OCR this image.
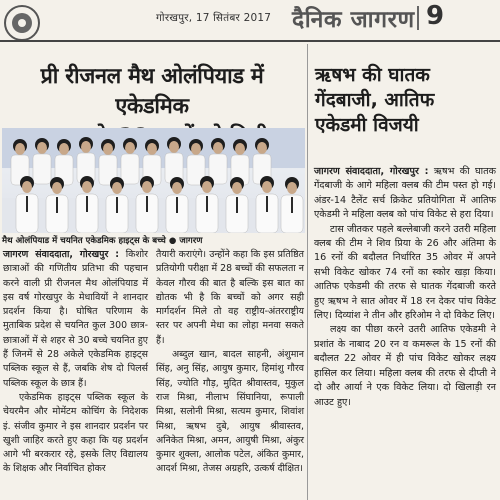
गोरखपुर, 17 सितंबर 2017 दैनिक जागरण 9
प्री रीजनल मैथ ओलंपियाड में एकेडमिक
मैथ ओलंपियाड में चयनित एकेडमिक हाइट्स के बच्चे ● जागरण

जागरण संवाददाता, गोरखपुर : किशोर छात्राओं की गणितीय प्रतिभा की पहचान करने वाली प्री रीजनल मैथ ओलंपियाड में इस वर्ष गोरखपुर के मेधावियों ने शानदार प्रदर्शन किया है। घोषित परिणाम के मुताबिक प्रदेश से चयनित कुल 300 छात्र-छात्राओं में से शहर से 30 बच्चे चयनित हुए हैं जिनमें से 28 अकेले एकेडमिक हाइट्स पब्लिक स्कूल से हैं, जबकि शेष दो पिलर्स पब्लिक स्कूल के छात्र हैं।

एकेडमिक हाइट्स पब्लिक स्कूल के चेयरमैन और मोमेंटम कोचिंग के निदेशक इं. संजीव कुमार ने इस शानदार प्रदर्शन पर खुशी जाहिर करते हुए कहा कि यह प्रदर्शन आगे भी बरकरार रहे, इसके लिए विद्यालय के शिक्षक और निर्वाचित होकर

तैयारी कराएंगे। उन्होंने कहा कि इस प्रतिष्ठित प्रतियोगी परीक्षा में 28 बच्चों की सफलता न केवल गौरव की बात है बल्कि इस बात का द्योतक भी है कि बच्चों को अगर सही मार्गदर्शन मिले तो वह राष्ट्रीय-अंतरराष्ट्रीय स्तर पर अपनी मेधा का लोहा मनवा सकते हैं।

अब्दुल खान, बादल साहनी, अंशुमान सिंह, अनु सिंह, आयुष कुमार, हिमांशु गौरव सिंह, ज्योति गौड़, मुदित श्रीवास्तव, मुकुल राज मिश्रा, नीलाभ सिंघानिया, रूपाली मिश्रा, सलोनी मिश्रा, सत्यम कुमार, शिवांश मिश्रा, ऋषभ दुबे, आयुष श्रीवास्तव, अनिकेत मिश्रा, अमन, आयुषी मिश्रा, अंकुर कुमार शुक्ला, आलोक पटेल, अंकित कुमार, आदर्श मिश्रा, तेजस अग्रहरि, उत्कर्ष दीक्षित।

ऋषभ की घातक
गेंदबाजी, आतिफ
एकेडमी विजयी

जागरण संवाददाता, गोरखपुर : ऋषभ की घातक गेंदबाजी के आगे महिला क्लब की टीम पस्त हो गई। अंडर-14 टैलेंट सर्च क्रिकेट प्रतियोगिता में आतिफ एकेडमी ने महिला क्लब को पांच विकेट से हरा दिया।

टास जीतकर पहले बल्लेबाजी करने उतरी महिला क्लब की टीम ने शिव प्रिया के 26 और अंतिमा के 16 रनों की बदौलत निर्धारित 35 ओवर में अपने सभी विकेट खोकर 74 रनों का स्कोर खड़ा किया। आतिफ एकेडमी की तरफ से घातक गेंदबाजी करते हुए ऋषभ ने सात ओवर में 18 रन देकर पांच विकेट लिए। दिव्यांश ने तीन और हरिओम ने दो विकेट लिए।

लक्ष्य का पीछा करने उतरी आतिफ एकेडमी ने प्रशांत के नाबाद 20 रन व कमरूल के 15 रनों की बदौलत 22 ओवर में ही पांच विकेट खोकर लक्ष्य हासिल कर लिया। महिला क्लब की तरफ से दीप्ती ने दो और आर्या ने एक विकेट लिया। दो खिलाड़ी रन आउट हुए।
